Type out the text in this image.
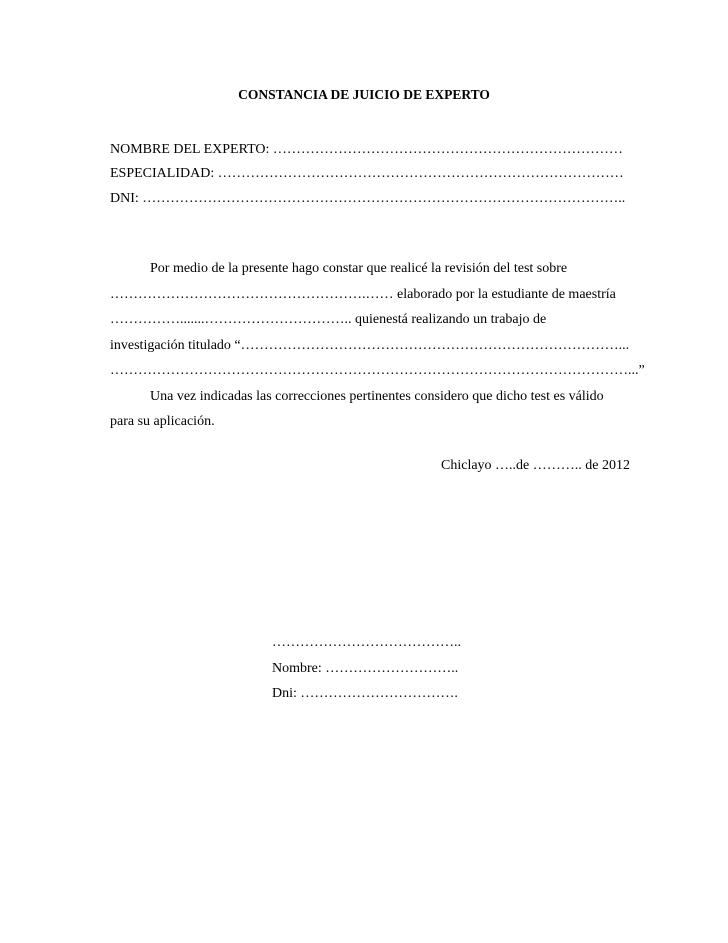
CONSTANCIA DE JUICIO DE EXPERTO
NOMBRE DEL EXPERTO: …………………………………………………………………
ESPECIALIDAD: ……………………………………………………………………………
DNI: …………………………………………………………………………………………..

Por medio de la presente hago constar que realicé la revisión del test sobre

……………………………………………….…… elaborado por la estudiante de maestría

…………….......………………………….. quienestá realizando un trabajo de

investigación titulado “………………………………………………………………………...

…………………………………………………………………………………………………...”

Una vez indicadas las correcciones pertinentes considero que dicho test es válido

para su aplicación.

Chiclayo …..de ……….. de 2012
…………………………………..
Nombre: ………………………..
Dni: …………………………….
